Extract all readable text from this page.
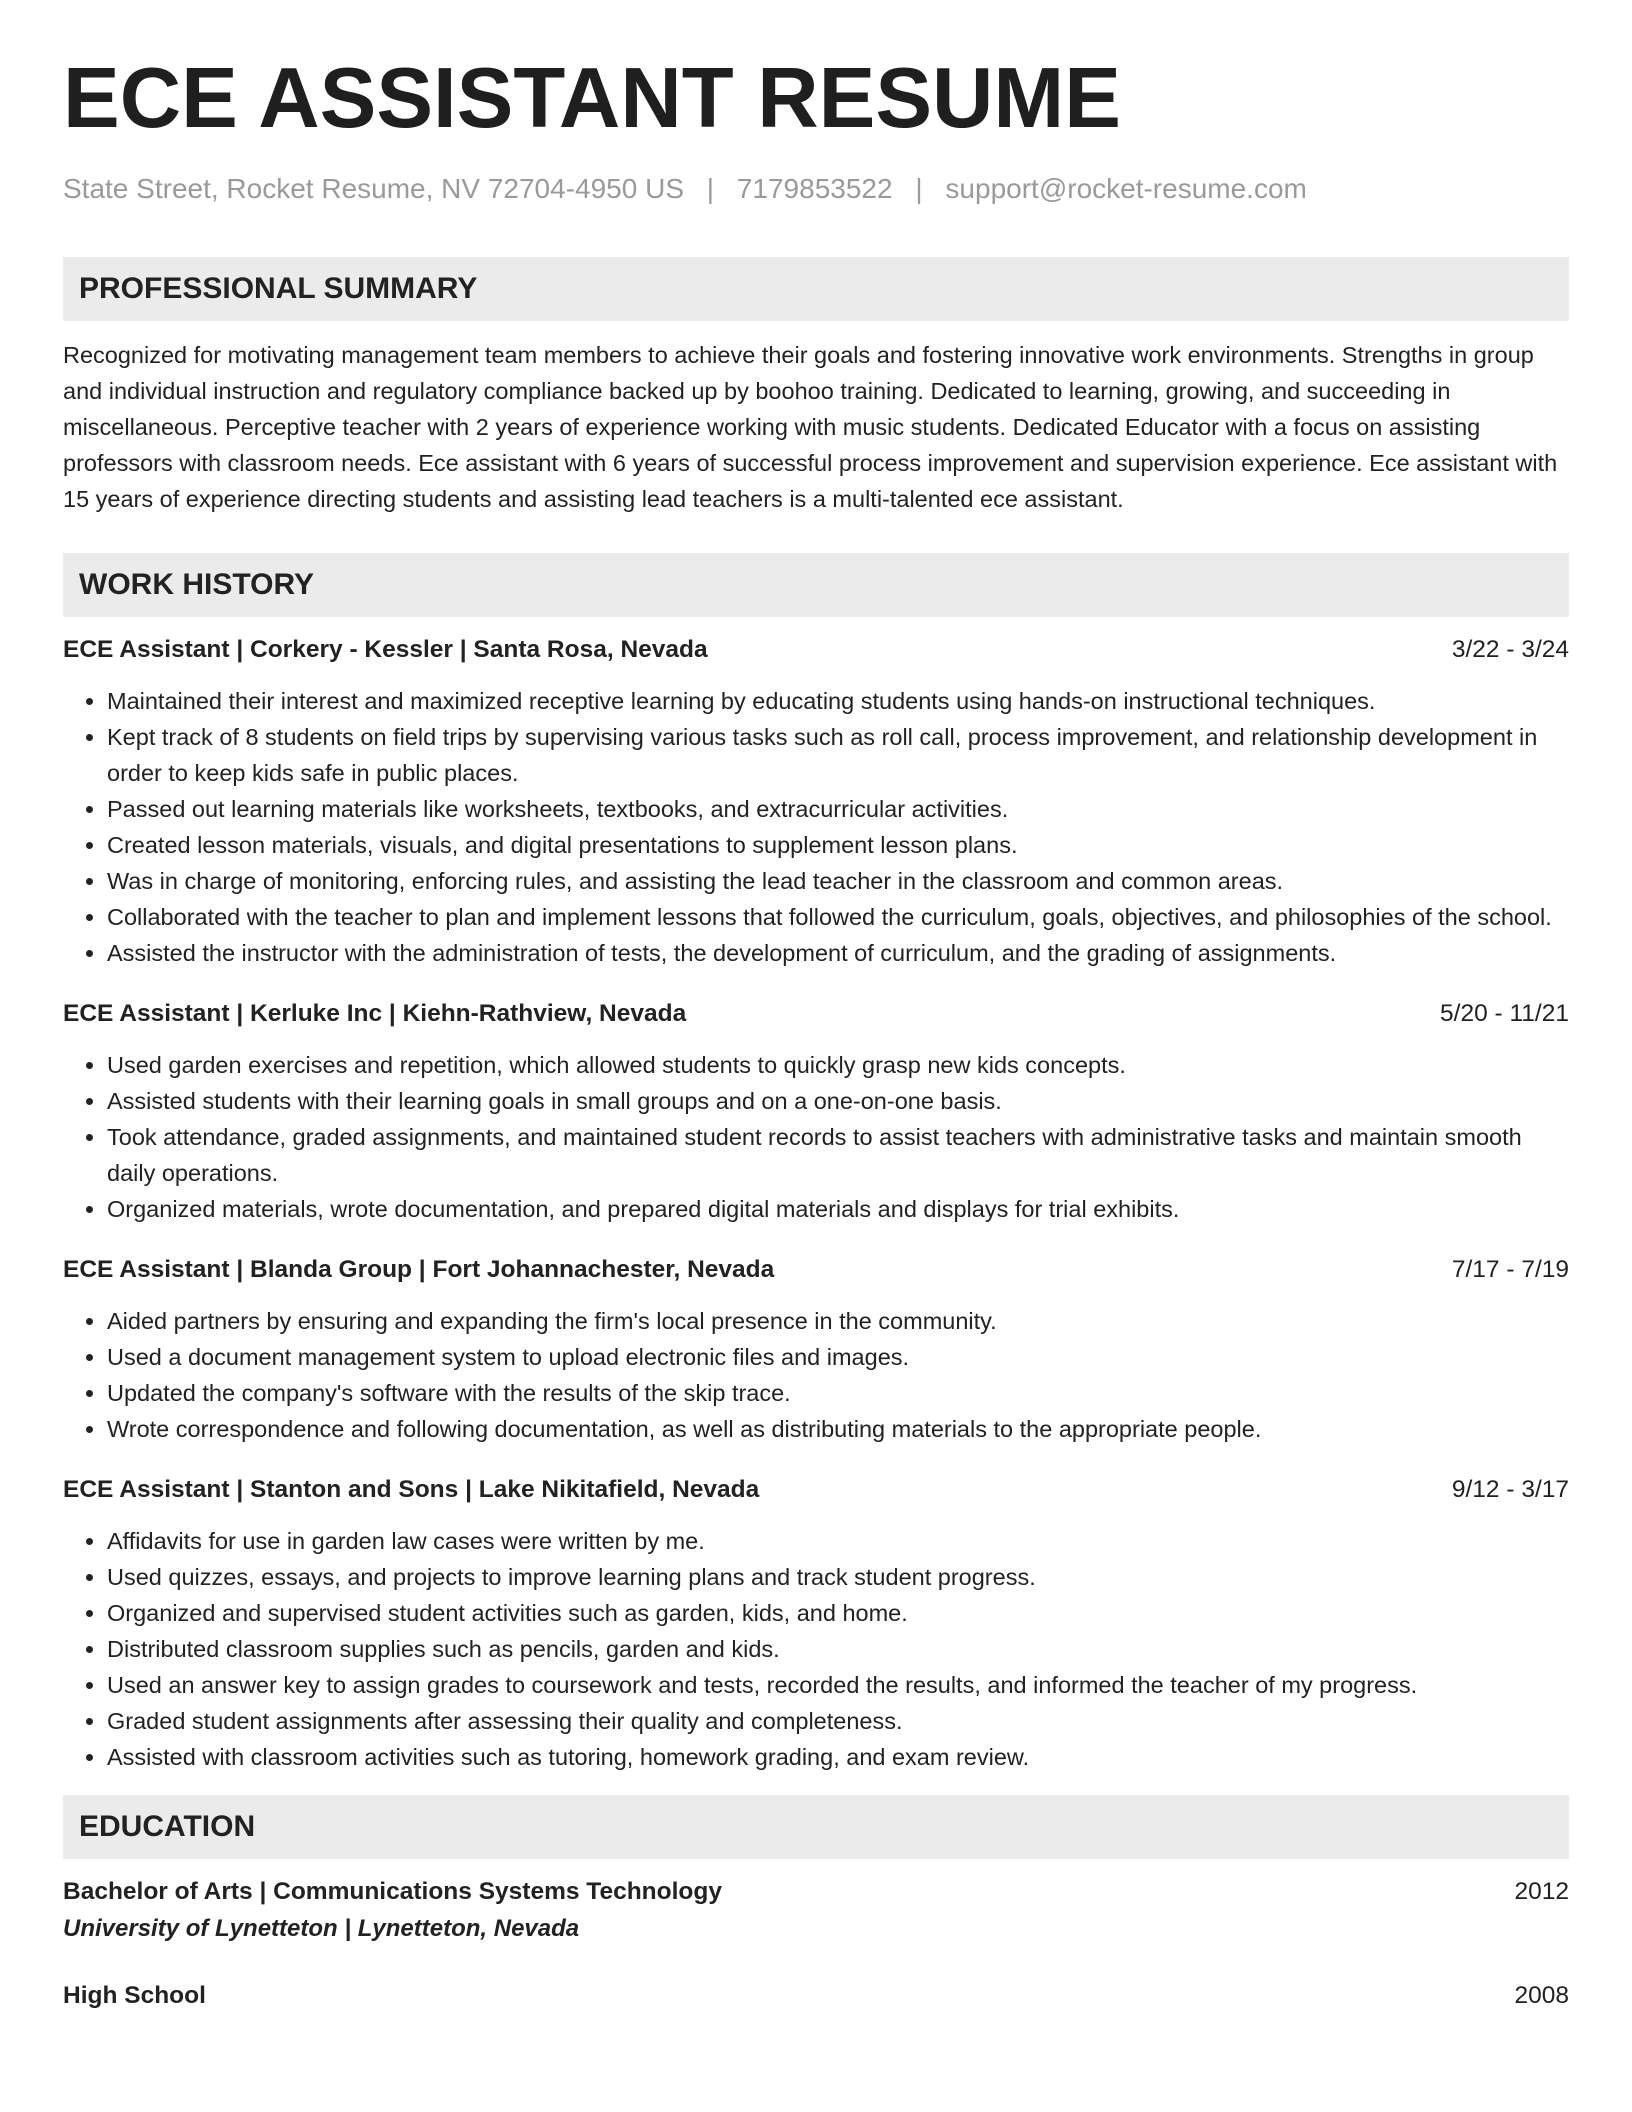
ECE ASSISTANT RESUME
State Street, Rocket Resume, NV 72704-4950 US | 7179853522 | support@rocket-resume.com
PROFESSIONAL SUMMARY
Recognized for motivating management team members to achieve their goals and fostering innovative work environments. Strengths in group and individual instruction and regulatory compliance backed up by boohoo training. Dedicated to learning, growing, and succeeding in miscellaneous. Perceptive teacher with 2 years of experience working with music students. Dedicated Educator with a focus on assisting professors with classroom needs. Ece assistant with 6 years of successful process improvement and supervision experience. Ece assistant with 15 years of experience directing students and assisting lead teachers is a multi-talented ece assistant.
WORK HISTORY
ECE Assistant | Corkery - Kessler | Santa Rosa, Nevada	3/22 - 3/24
• Maintained their interest and maximized receptive learning by educating students using hands-on instructional techniques.
• Kept track of 8 students on field trips by supervising various tasks such as roll call, process improvement, and relationship development in order to keep kids safe in public places.
• Passed out learning materials like worksheets, textbooks, and extracurricular activities.
• Created lesson materials, visuals, and digital presentations to supplement lesson plans.
• Was in charge of monitoring, enforcing rules, and assisting the lead teacher in the classroom and common areas.
• Collaborated with the teacher to plan and implement lessons that followed the curriculum, goals, objectives, and philosophies of the school.
• Assisted the instructor with the administration of tests, the development of curriculum, and the grading of assignments.
ECE Assistant | Kerluke Inc | Kiehn-Rathview, Nevada	5/20 - 11/21
• Used garden exercises and repetition, which allowed students to quickly grasp new kids concepts.
• Assisted students with their learning goals in small groups and on a one-on-one basis.
• Took attendance, graded assignments, and maintained student records to assist teachers with administrative tasks and maintain smooth daily operations.
• Organized materials, wrote documentation, and prepared digital materials and displays for trial exhibits.
ECE Assistant | Blanda Group | Fort Johannachester, Nevada	7/17 - 7/19
• Aided partners by ensuring and expanding the firm's local presence in the community.
• Used a document management system to upload electronic files and images.
• Updated the company's software with the results of the skip trace.
• Wrote correspondence and following documentation, as well as distributing materials to the appropriate people.
ECE Assistant | Stanton and Sons | Lake Nikitafield, Nevada	9/12 - 3/17
• Affidavits for use in garden law cases were written by me.
• Used quizzes, essays, and projects to improve learning plans and track student progress.
• Organized and supervised student activities such as garden, kids, and home.
• Distributed classroom supplies such as pencils, garden and kids.
• Used an answer key to assign grades to coursework and tests, recorded the results, and informed the teacher of my progress.
• Graded student assignments after assessing their quality and completeness.
• Assisted with classroom activities such as tutoring, homework grading, and exam review.
EDUCATION
Bachelor of Arts | Communications Systems Technology	2012
University of Lynetteton | Lynetteton, Nevada
High School	2008
